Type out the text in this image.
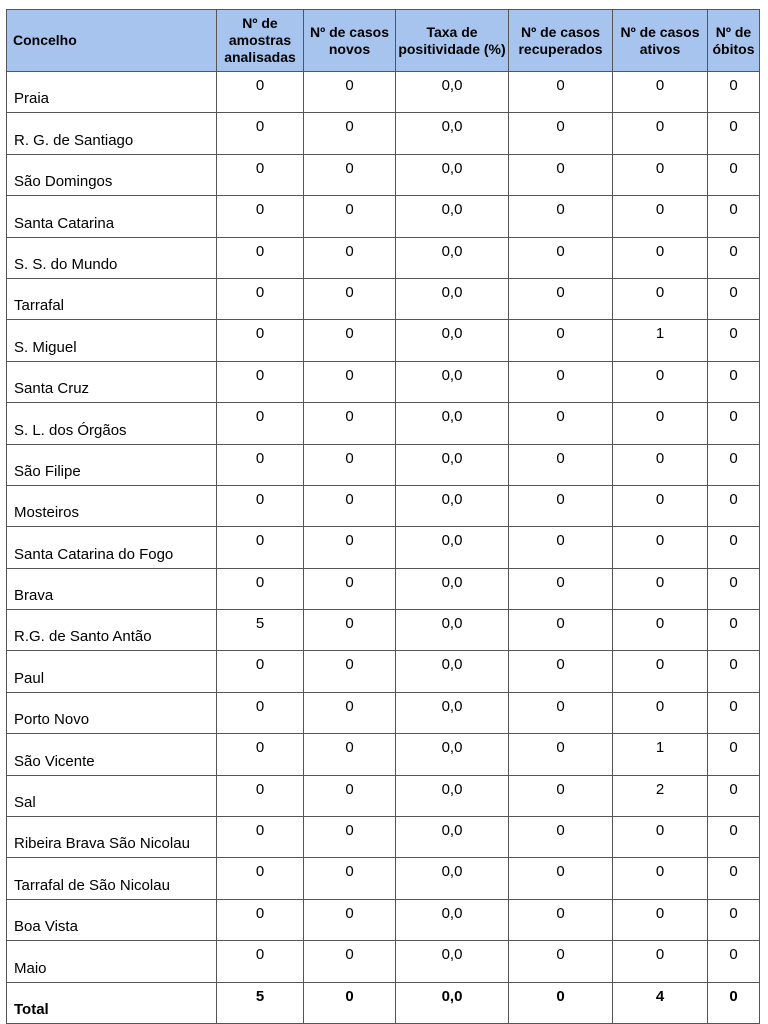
Concelho	Nº de amostras analisadas	Nº de casos novos	Taxa de positividade (%)	Nº de casos recuperados	Nº de casos ativos	Nº de óbitos
Praia	0	0	0,0	0	0	0
R. G. de Santiago	0	0	0,0	0	0	0
São Domingos	0	0	0,0	0	0	0
Santa Catarina	0	0	0,0	0	0	0
S. S. do Mundo	0	0	0,0	0	0	0
Tarrafal	0	0	0,0	0	0	0
S. Miguel	0	0	0,0	0	1	0
Santa Cruz	0	0	0,0	0	0	0
S. L. dos Órgãos	0	0	0,0	0	0	0
São Filipe	0	0	0,0	0	0	0
Mosteiros	0	0	0,0	0	0	0
Santa Catarina do Fogo	0	0	0,0	0	0	0
Brava	0	0	0,0	0	0	0
R.G. de Santo Antão	5	0	0,0	0	0	0
Paul	0	0	0,0	0	0	0
Porto Novo	0	0	0,0	0	0	0
São Vicente	0	0	0,0	0	1	0
Sal	0	0	0,0	0	2	0
Ribeira Brava São Nicolau	0	0	0,0	0	0	0
Tarrafal de São Nicolau	0	0	0,0	0	0	0
Boa Vista	0	0	0,0	0	0	0
Maio	0	0	0,0	0	0	0
Total	5	0	0,0	0	4	0
